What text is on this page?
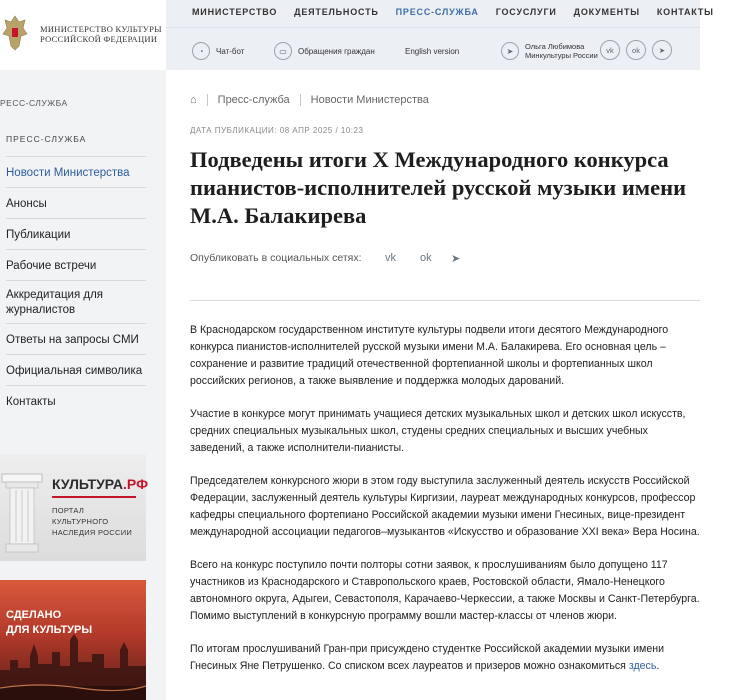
МИНИСТЕРСТВО КУЛЬТУРЫ
РОССИЙСКОЙ ФЕДЕРАЦИИ
РЕСС-СЛУЖБА
ПРЕСС-СЛУЖБА
Новости Министерства
Анонсы
Публикации
Рабочие встречи
Аккредитация для журналистов
Ответы на запросы СМИ
Официальная символика
Контакты
КУЛЬТУРА.РФ
ПОРТАЛ
КУЛЬТУРНОГО
НАСЛЕДИЯ РОССИИ
СДЕЛАНО
ДЛЯ КУЛЬТУРЫ
МИНИСТЕРСТВО ДЕЯТЕЛЬНОСТЬ ПРЕСС-СЛУЖБА ГОСУСЛУГИ ДОКУМЕНТЫ КОНТАКТЫ
◔	Чат-бот	▭	Обращения граждан	English version	➤	Ольга Любимова
Минкультуры России
vk	ok	➤
⌂ Пресс-служба Новости Министерства
ДАТА ПУБЛИКАЦИИ: 08 АПР 2025 / 10:23
Подведены итоги X Международного конкурса пианистов-исполнителей русской музыки имени М.А. Балакирева
Опубликовать в социальных сетях: vk ok ➤

В Краснодарском государственном институте культуры подвели итоги десятого Международного
конкурса пианистов-исполнителей русской музыки имени М.А. Балакирева. Его основная цель –
сохранение и развитие традиций отечественной фортепианной школы и фортепианных школ
российских регионов, а также выявление и поддержка молодых дарований.

Участие в конкурсе могут принимать учащиеся детских музыкальных школ и детских школ искусств,
средних специальных музыкальных школ, студены средних специальных и высших учебных
заведений, а также исполнители-пианисты.

Председателем конкурсного жюри в этом году выступила заслуженный деятель искусств Российской
Федерации, заслуженный деятель культуры Киргизии, лауреат международных конкурсов, профессор
кафедры специального фортепиано Российской академии музыки имени Гнесиных, вице-президент
международной ассоциации педагогов–музыкантов «Искусство и образование XXI века» Вера Носина.

Всего на конкурс поступило почти полторы сотни заявок, к прослушиваниям было допущено 117
участников из Краснодарского и Ставропольского краев, Ростовской области, Ямало-Ненецкого
автономного округа, Адыгеи, Севастополя, Карачаево-Черкессии, а также Москвы и Санкт-Петербурга.
Помимо выступлений в конкурсную программу вошли мастер-классы от членов жюри.

По итогам прослушиваний Гран-при присуждено студентке Российской академии музыки имени
Гнесиных Яне Петрушенко. Со списком всех лауреатов и призеров можно ознакомиться здесь.
